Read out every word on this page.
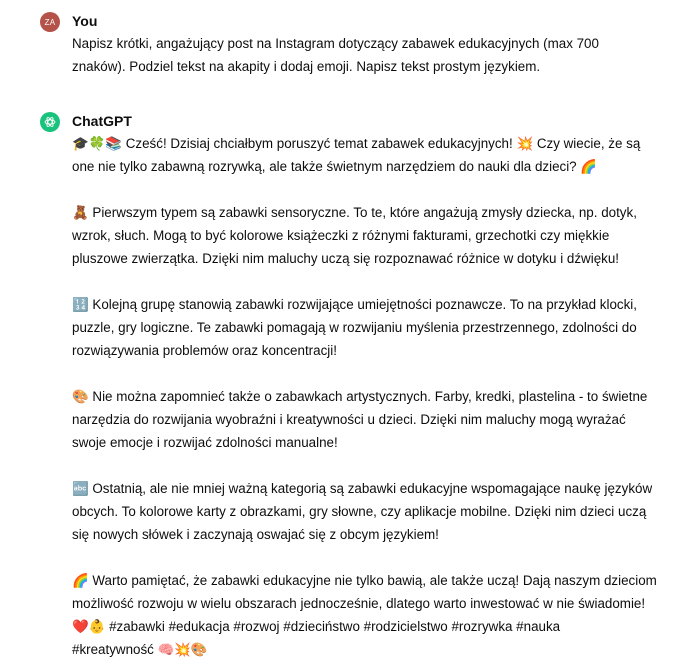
ZA You

Napisz krótki, angażujący post na Instagram dotyczący zabawek edukacyjnych (max 700
znaków). Podziel tekst na akapity i dodaj emoji. Napisz tekst prostym językiem.

ChatGPT

🎓🍀📚 Cześć! Dzisiaj chciałbym poruszyć temat zabawek edukacyjnych! 💥 Czy wiecie, że są
one nie tylko zabawną rozrywką, ale także świetnym narzędziem do nauki dla dzieci? 🌈

🧸 Pierwszym typem są zabawki sensoryczne. To te, które angażują zmysły dziecka, np. dotyk,
wzrok, słuch. Mogą to być kolorowe książeczki z różnymi fakturami, grzechotki czy miękkie
pluszowe zwierzątka. Dzięki nim maluchy uczą się rozpoznawać różnice w dotyku i dźwięku!

🔢 Kolejną grupę stanowią zabawki rozwijające umiejętności poznawcze. To na przykład klocki,
puzzle, gry logiczne. Te zabawki pomagają w rozwijaniu myślenia przestrzennego, zdolności do
rozwiązywania problemów oraz koncentracji!

🎨 Nie można zapomnieć także o zabawkach artystycznych. Farby, kredki, plastelina - to świetne
narzędzia do rozwijania wyobraźni i kreatywności u dzieci. Dzięki nim maluchy mogą wyrażać
swoje emocje i rozwijać zdolności manualne!

🔤 Ostatnią, ale nie mniej ważną kategorią są zabawki edukacyjne wspomagające naukę języków
obcych. To kolorowe karty z obrazkami, gry słowne, czy aplikacje mobilne. Dzięki nim dzieci uczą
się nowych słówek i zaczynają oswajać się z obcym językiem!

🌈 Warto pamiętać, że zabawki edukacyjne nie tylko bawią, ale także uczą! Dają naszym dzieciom
możliwość rozwoju w wielu obszarach jednocześnie, dlatego warto inwestować w nie świadomie!
❤️👶 #zabawki #edukacja #rozwoj #dzieciństwo #rodzicielstwo #rozrywka #nauka
#kreatywność 🧠💥🎨
